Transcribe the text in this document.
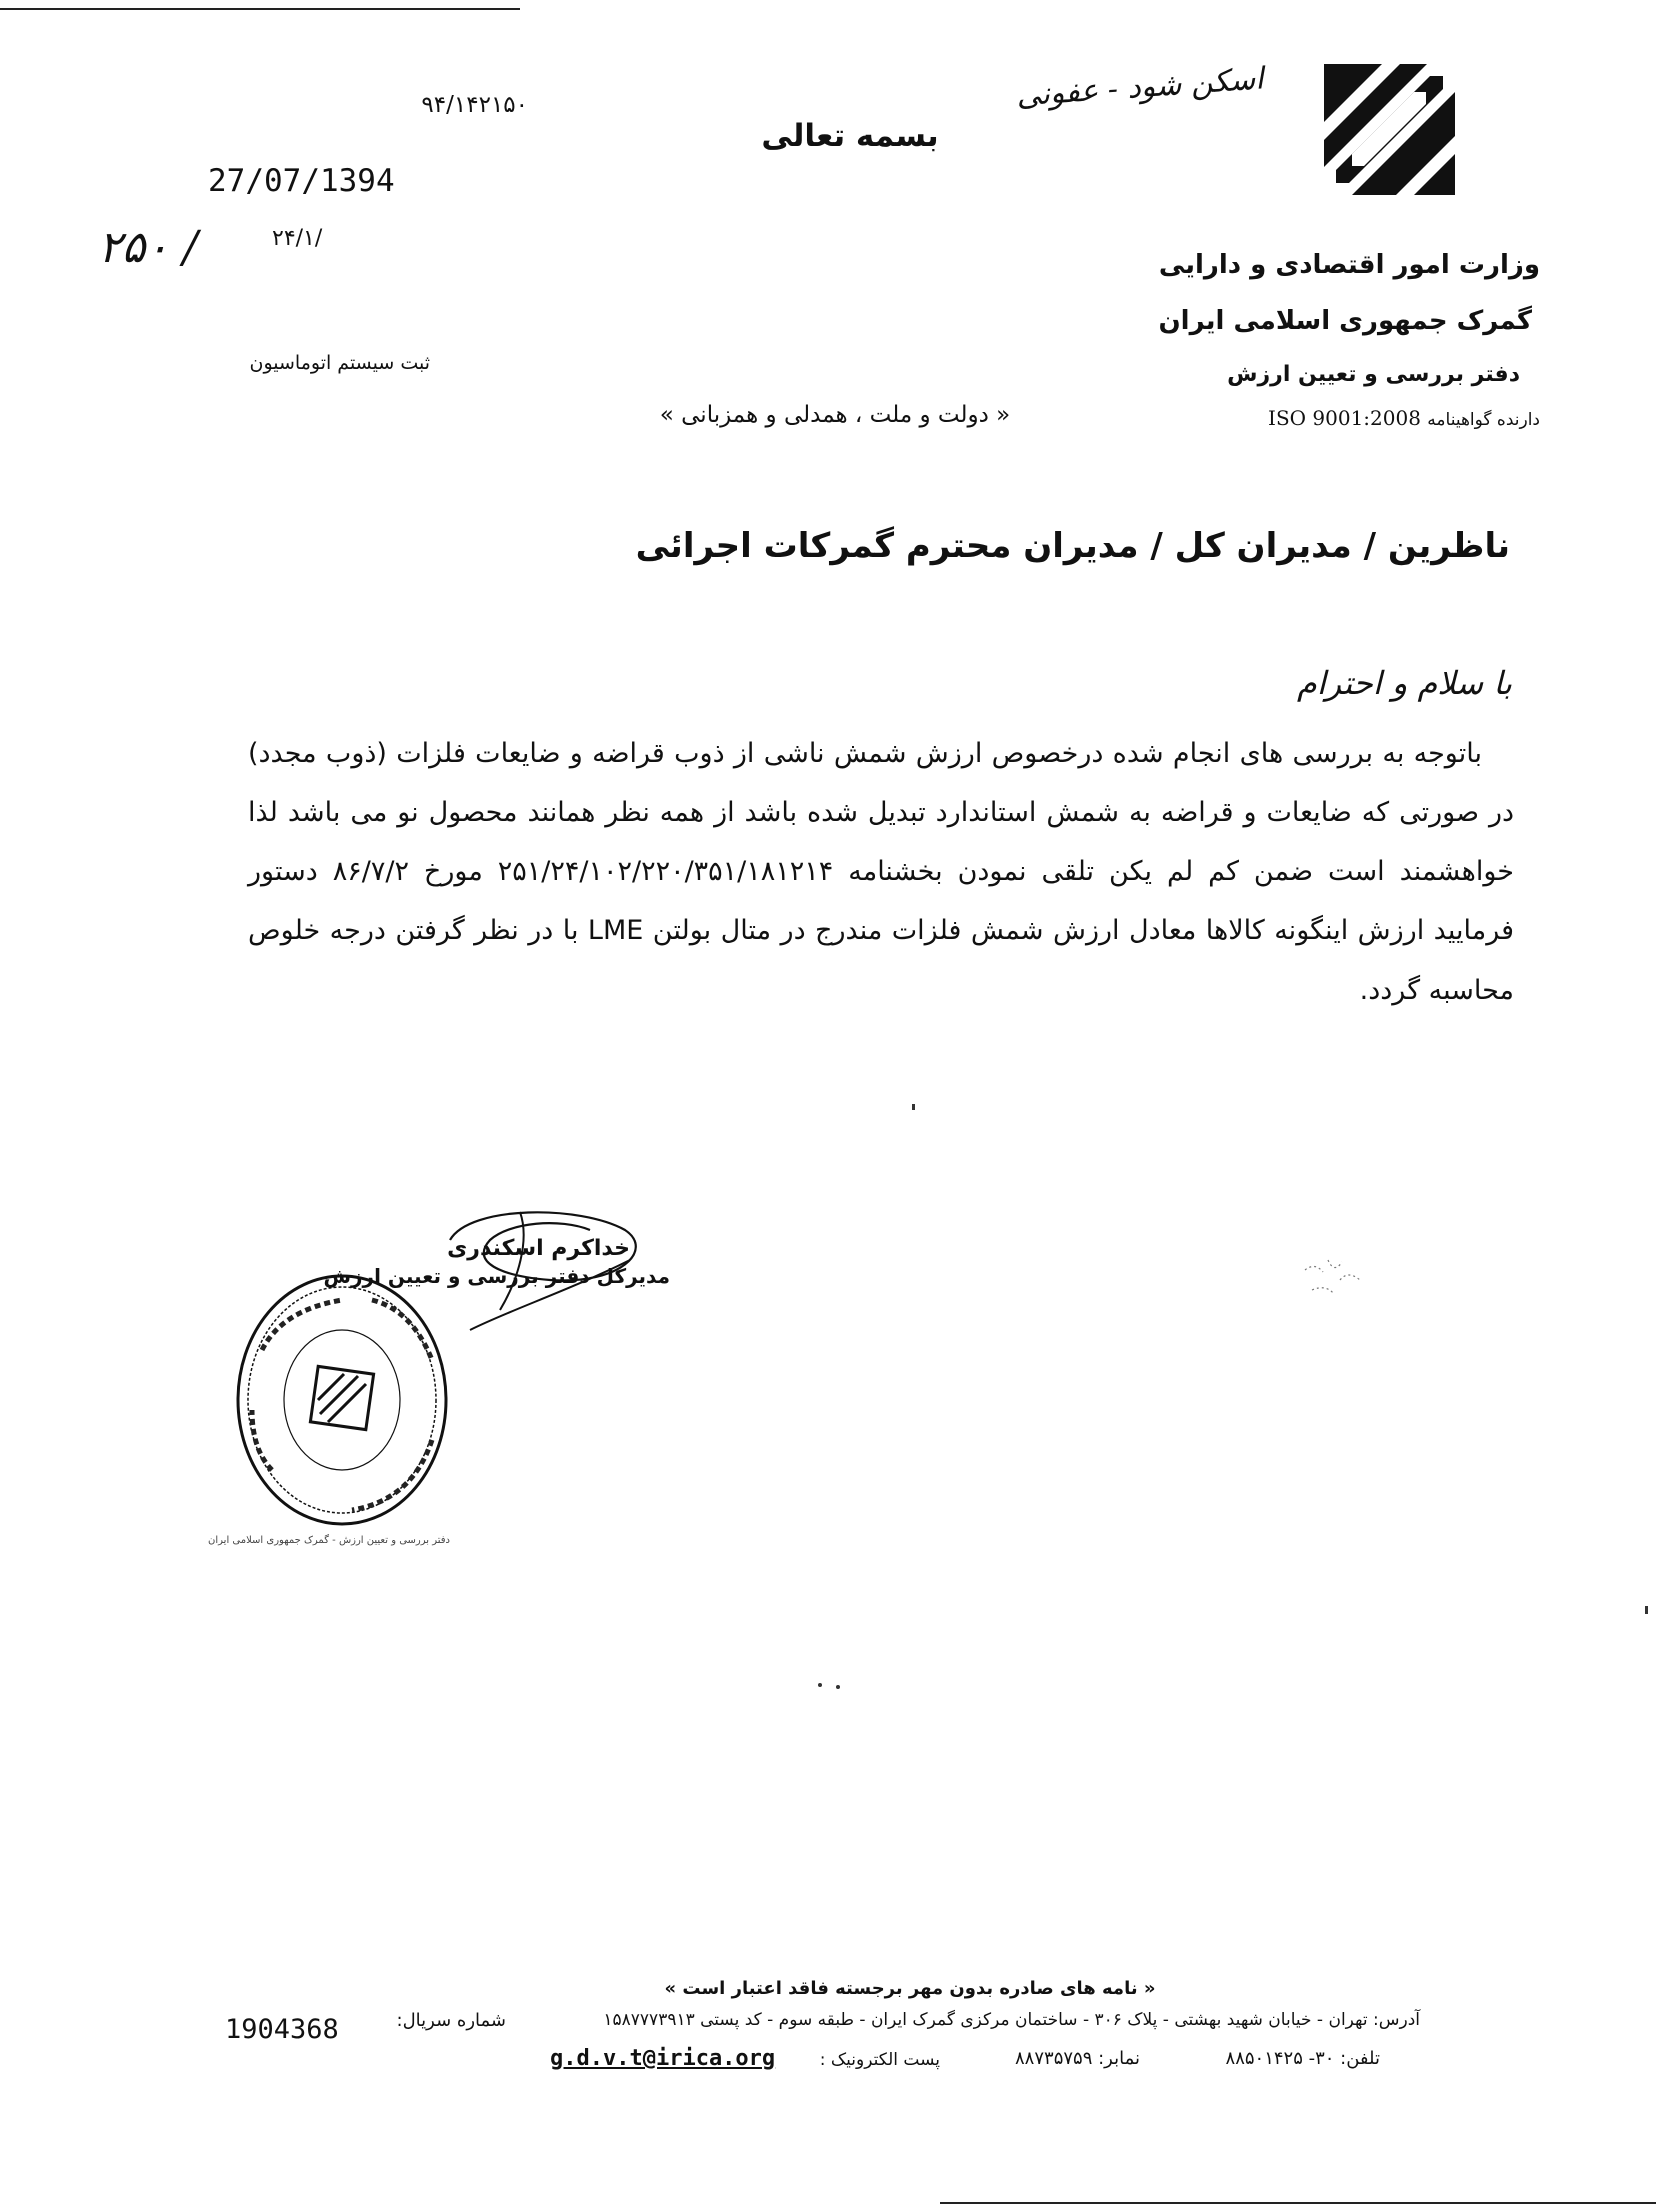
اسکن شود - عفونی
بسمه تعالی
۹۴/۱۴۲۱۵۰
27/07/1394
۲۵۰ /	۲۴/۱/
ثبت سیستم اتوماسیون
وزارت امور اقتصادی و دارایی
گمرک جمهوری اسلامی ایران
دفتر بررسی و تعیین ارزش
ISO 9001:2008 دارنده گواهینامه
« دولت و ملت ، همدلی و همزبانی »
ناظرین / مدیران کل / مدیران محترم گمرکات اجرائی
با سلام و احترام
باتوجه به بررسی های انجام شده درخصوص ارزش شمش ناشی از ذوب قراضه و ضایعات فلزات (ذوب مجدد)
در صورتی که ضایعات و قراضه به شمش استاندارد تبدیل شده باشد از همه نظر همانند محصول نو می باشد لذا
خواهشمند است ضمن کم لم یکن تلقی نمودن بخشنامه ۲۵۱/۲۴/۱۰۲/۲۲۰/۳۵۱/۱۸۱۲۱۴ مورخ ۸۶/۷/۲ دستور
فرمایید ارزش اینگونه کالاها معادل ارزش شمش فلزات مندرج در متال بولتن LME با در نظر گرفتن درجه خلوص
محاسبه گردد.
خداکرم اسکندری
مدیرکل دفتر بررسی و تعیین ارزش
دفتر بررسی و تعیین ارزش - گمرک جمهوری اسلامی ایران
« نامه های صادره بدون مهر برجسته فاقد اعتبار است »
آدرس: تهران - خیابان شهید بهشتی - پلاک ۳۰۶ - ساختمان مرکزی گمرک ایران - طبقه سوم - کد پستی ۱۵۸۷۷۷۳۹۱۳
تلفن: ۳۰- ۸۸۵۰۱۴۲۵
نمابر: ۸۸۷۳۵۷۵۹
پست الکترونیک :
g.d.v.t@irica.org
شماره سریال:
1904368
